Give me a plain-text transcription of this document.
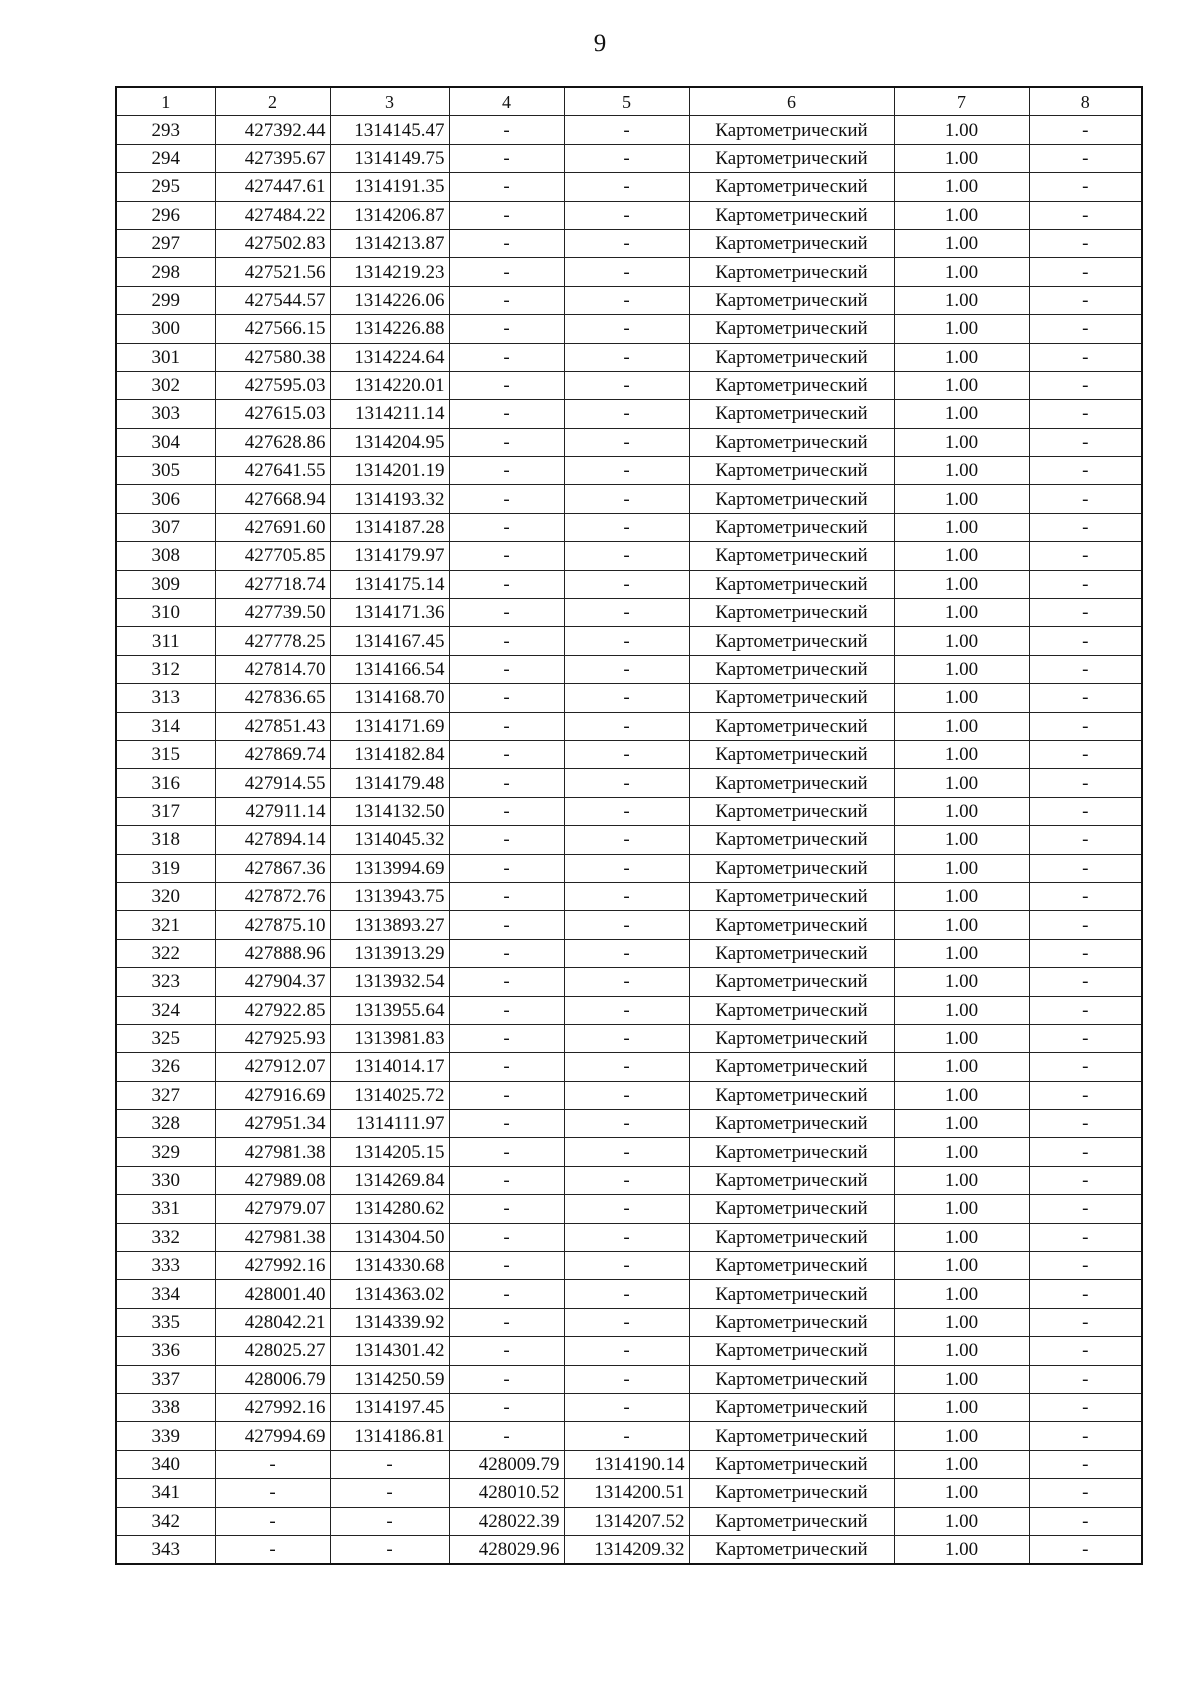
9
1	2	3	4	5	6	7	8
293	427392.44	1314145.47	-	-	Картометрический	1.00	-
294	427395.67	1314149.75	-	-	Картометрический	1.00	-
295	427447.61	1314191.35	-	-	Картометрический	1.00	-
296	427484.22	1314206.87	-	-	Картометрический	1.00	-
297	427502.83	1314213.87	-	-	Картометрический	1.00	-
298	427521.56	1314219.23	-	-	Картометрический	1.00	-
299	427544.57	1314226.06	-	-	Картометрический	1.00	-
300	427566.15	1314226.88	-	-	Картометрический	1.00	-
301	427580.38	1314224.64	-	-	Картометрический	1.00	-
302	427595.03	1314220.01	-	-	Картометрический	1.00	-
303	427615.03	1314211.14	-	-	Картометрический	1.00	-
304	427628.86	1314204.95	-	-	Картометрический	1.00	-
305	427641.55	1314201.19	-	-	Картометрический	1.00	-
306	427668.94	1314193.32	-	-	Картометрический	1.00	-
307	427691.60	1314187.28	-	-	Картометрический	1.00	-
308	427705.85	1314179.97	-	-	Картометрический	1.00	-
309	427718.74	1314175.14	-	-	Картометрический	1.00	-
310	427739.50	1314171.36	-	-	Картометрический	1.00	-
311	427778.25	1314167.45	-	-	Картометрический	1.00	-
312	427814.70	1314166.54	-	-	Картометрический	1.00	-
313	427836.65	1314168.70	-	-	Картометрический	1.00	-
314	427851.43	1314171.69	-	-	Картометрический	1.00	-
315	427869.74	1314182.84	-	-	Картометрический	1.00	-
316	427914.55	1314179.48	-	-	Картометрический	1.00	-
317	427911.14	1314132.50	-	-	Картометрический	1.00	-
318	427894.14	1314045.32	-	-	Картометрический	1.00	-
319	427867.36	1313994.69	-	-	Картометрический	1.00	-
320	427872.76	1313943.75	-	-	Картометрический	1.00	-
321	427875.10	1313893.27	-	-	Картометрический	1.00	-
322	427888.96	1313913.29	-	-	Картометрический	1.00	-
323	427904.37	1313932.54	-	-	Картометрический	1.00	-
324	427922.85	1313955.64	-	-	Картометрический	1.00	-
325	427925.93	1313981.83	-	-	Картометрический	1.00	-
326	427912.07	1314014.17	-	-	Картометрический	1.00	-
327	427916.69	1314025.72	-	-	Картометрический	1.00	-
328	427951.34	1314111.97	-	-	Картометрический	1.00	-
329	427981.38	1314205.15	-	-	Картометрический	1.00	-
330	427989.08	1314269.84	-	-	Картометрический	1.00	-
331	427979.07	1314280.62	-	-	Картометрический	1.00	-
332	427981.38	1314304.50	-	-	Картометрический	1.00	-
333	427992.16	1314330.68	-	-	Картометрический	1.00	-
334	428001.40	1314363.02	-	-	Картометрический	1.00	-
335	428042.21	1314339.92	-	-	Картометрический	1.00	-
336	428025.27	1314301.42	-	-	Картометрический	1.00	-
337	428006.79	1314250.59	-	-	Картометрический	1.00	-
338	427992.16	1314197.45	-	-	Картометрический	1.00	-
339	427994.69	1314186.81	-	-	Картометрический	1.00	-
340	-	-	428009.79	1314190.14	Картометрический	1.00	-
341	-	-	428010.52	1314200.51	Картометрический	1.00	-
342	-	-	428022.39	1314207.52	Картометрический	1.00	-
343	-	-	428029.96	1314209.32	Картометрический	1.00	-
